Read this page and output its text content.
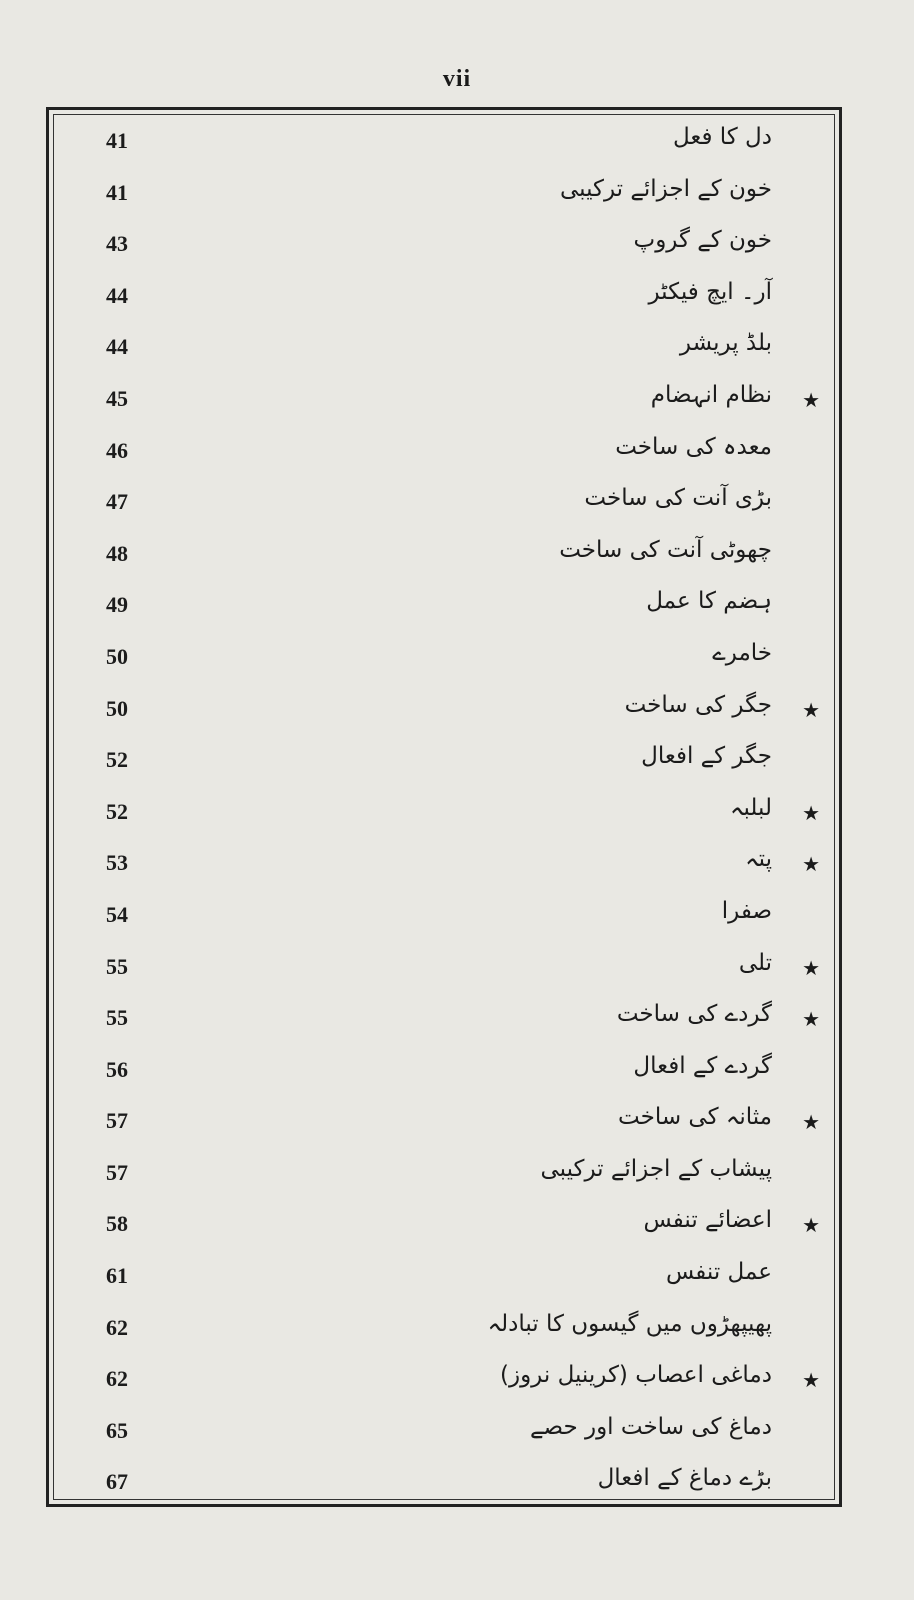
vii
41	دل کا فعل
41	خون کے اجزائے ترکیبی
43	خون کے گروپ
44	آر۔ ایچ فیکٹر
44	بلڈ پریشر
45	نظام انہضام ★
46	معدہ کی ساخت
47	بڑی آنت کی ساخت
48	چھوٹی آنت کی ساخت
49	ہضم کا عمل
50	خامرے
50	جگر کی ساخت ★
52	جگر کے افعال
52	لبلبہ ★
53	پتہ ★
54	صفرا
55	تلی ★
55	گردے کی ساخت ★
56	گردے کے افعال
57	مثانہ کی ساخت ★
57	پیشاب کے اجزائے ترکیبی
58	اعضائے تنفس ★
61	عمل تنفس
62	پھیپھڑوں میں گیسوں کا تبادلہ
62	دماغی اعصاب (کرینیل نروز) ★
65	دماغ کی ساخت اور حصے
67	بڑے دماغ کے افعال
